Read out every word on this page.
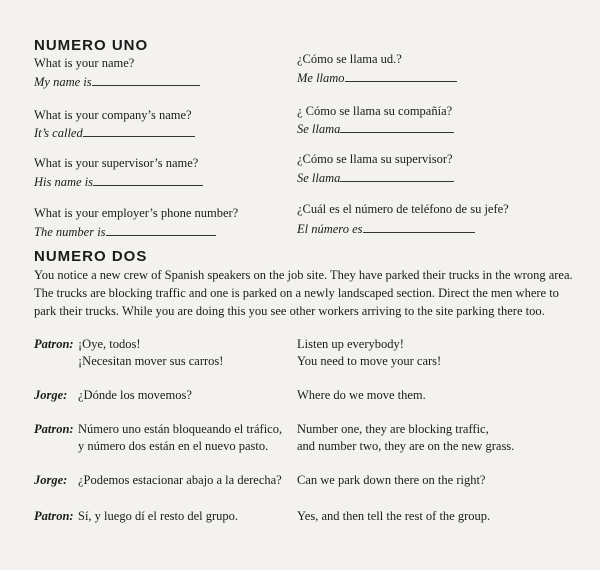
NUMERO UNO
What is your name?
My name is
¿Cómo se llama ud.?
Me llamo
What is your company’s name?
It’s called
¿ Cómo se llama su compañía?
Se llama
What is your supervisor’s name?
His name is
¿Cómo se llama su supervisor?
Se llama
What is your employer’s phone number?
The number is
¿Cuál es el número de teléfono de su jefe?
El número es
NUMERO DOS
You notice a new crew of Spanish speakers on the job site. They have parked their trucks in the wrong area. The trucks are blocking traffic and one is parked on a newly landscaped section. Direct the men where to park their trucks. While you are doing this you see other workers arriving to the site parking there too.
Patron: ¡Oye, todos!
¡Necesitan mover sus carros!
Listen up everybody!
You need to move your cars!
Jorge: ¿Dónde los movemos?	Where do we move them.
Patron: Número uno están bloqueando el tráfico,
y número dos están en el nuevo pasto.
Number one, they are blocking traffic,
and number two, they are on the new grass.
Jorge: ¿Podemos estacionar abajo a la derecha? Can we park down there on the right?
Patron: Sí, y luego dí el resto del grupo.	Yes, and then tell the rest of the group.
